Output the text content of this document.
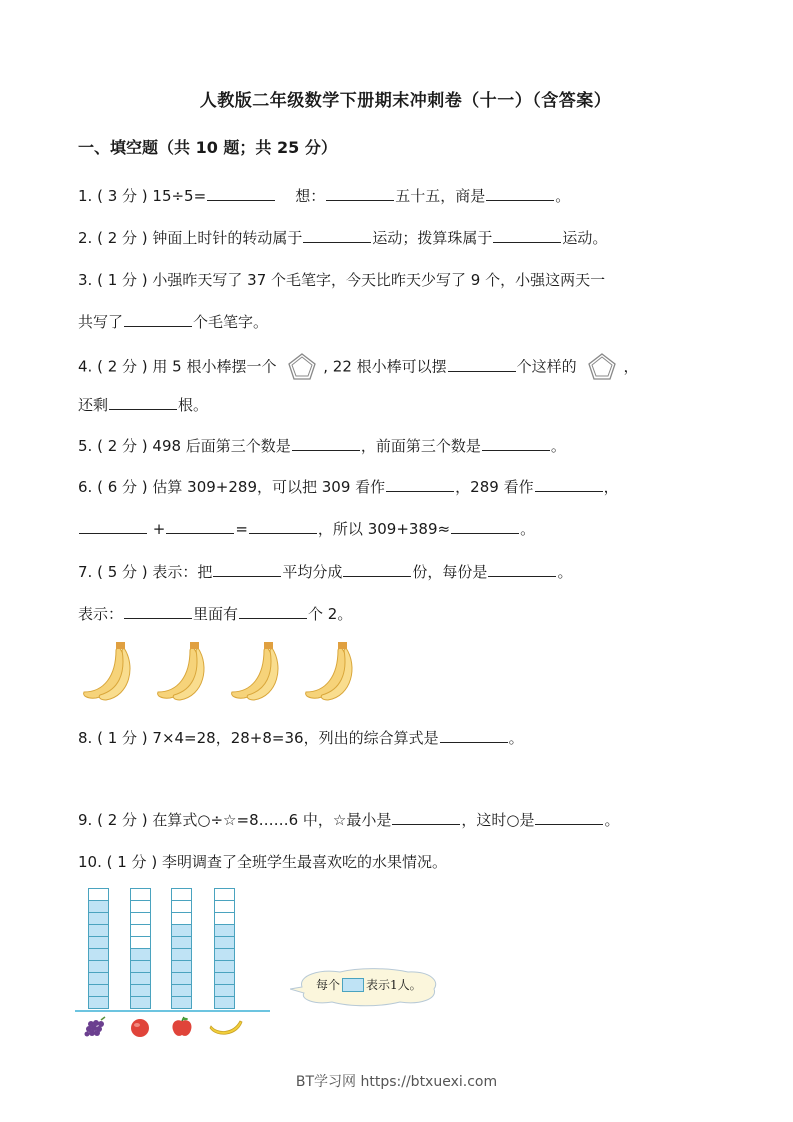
人教版二年级数学下册期末冲刺卷（十一）（含答案）
一、填空题（共 10 题；共 25 分）
1. ( 3 分 ) 15÷5=	想：	五十五，商是	。
2. ( 2 分 ) 钟面上时针的转动属于	运动；拨算珠属于	运动。
3. ( 1 分 ) 小强昨天写了 37 个毛笔字，今天比昨天少写了 9 个，小强这两天一
共写了	个毛笔字。
4. ( 2 分 ) 用 5 根小棒摆一个	, 22 根小棒可以摆	个这样的	，
还剩	根。
5. ( 2 分 ) 498 后面第三个数是	，前面第三个数是	。
6. ( 6 分 ) 估算 309+289，可以把 309 看作	，289 看作	，
+	=	，所以 309+389≈	。
7. ( 5 分 ) 表示：把	平均分成	份，每份是	。
表示：	里面有	个 2。
8. ( 1 分 ) 7×4=28，28+8=36，列出的综合算式是	。
9. ( 2 分 ) 在算式○÷☆=8……6 中，☆最小是	，这时○是	。
10. ( 1 分 ) 李明调查了全班学生最喜欢吃的水果情况。
每个 表示1人。
BT学习网 https://btxuexi.com
